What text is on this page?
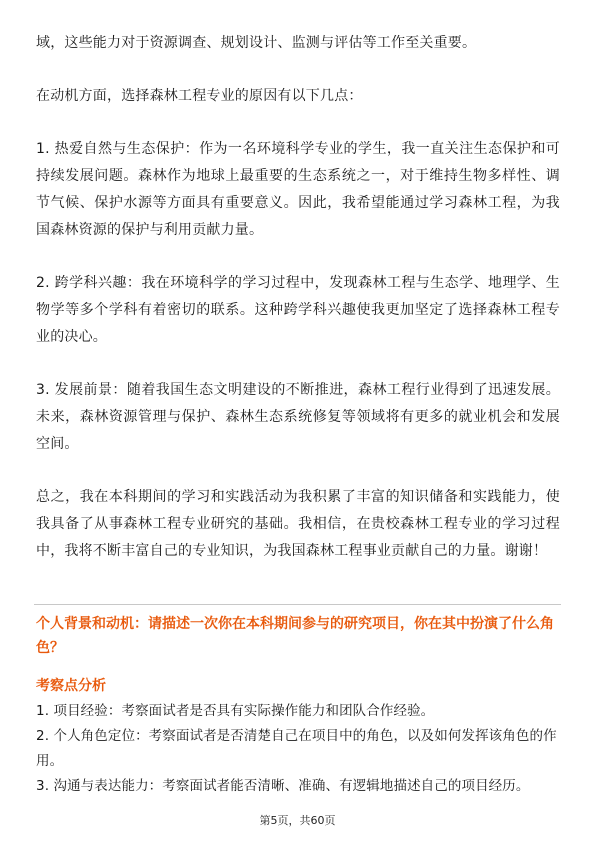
域，这些能力对于资源调查、规划设计、监测与评估等工作至关重要。

在动机方面，选择森林工程专业的原因有以下几点：

1. 热爱自然与生态保护：作为一名环境科学专业的学生，我一直关注生态保护和可持续发展问题。森林作为地球上最重要的生态系统之一，对于维持生物多样性、调节气候、保护水源等方面具有重要意义。因此，我希望能通过学习森林工程，为我国森林资源的保护与利用贡献力量。

2. 跨学科兴趣：我在环境科学的学习过程中，发现森林工程与生态学、地理学、生物学等多个学科有着密切的联系。这种跨学科兴趣使我更加坚定了选择森林工程专业的决心。

3. 发展前景：随着我国生态文明建设的不断推进，森林工程行业得到了迅速发展。未来，森林资源管理与保护、森林生态系统修复等领域将有更多的就业机会和发展空间。

总之，我在本科期间的学习和实践活动为我积累了丰富的知识储备和实践能力，使我具备了从事森林工程专业研究的基础。我相信，在贵校森林工程专业的学习过程中，我将不断丰富自己的专业知识，为我国森林工程事业贡献自己的力量。谢谢！

个人背景和动机：请描述一次你在本科期间参与的研究项目，你在其中扮演了什么角色？

考察点分析

1. 项目经验：考察面试者是否具有实际操作能力和团队合作经验。
2. 个人角色定位：考察面试者是否清楚自己在项目中的角色，以及如何发挥该角色的作用。
3. 沟通与表达能力：考察面试者能否清晰、准确、有逻辑地描述自己的项目经历。
第5页，共60页
